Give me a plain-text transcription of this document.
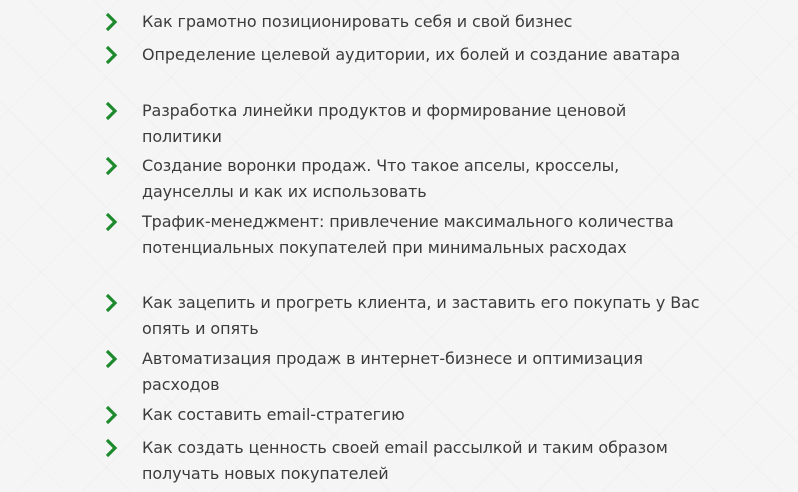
Как грамотно позиционировать себя и свой бизнес
Определение целевой аудитории, их болей и создание аватара
Разработка линейки продуктов и формирование ценовой политики
Создание воронки продаж. Что такое апселы, кросселы, даунселлы и как их использовать
Трафик-менеджмент: привлечение максимального количества потенциальных покупателей при минимальных расходах
Как зацепить и прогреть клиента, и заставить его покупать у Вас опять и опять
Автоматизация продаж в интернет-бизнесе и оптимизация расходов
Как составить email-стратегию
Как создать ценность своей email рассылкой и таким образом получать новых покупателей
